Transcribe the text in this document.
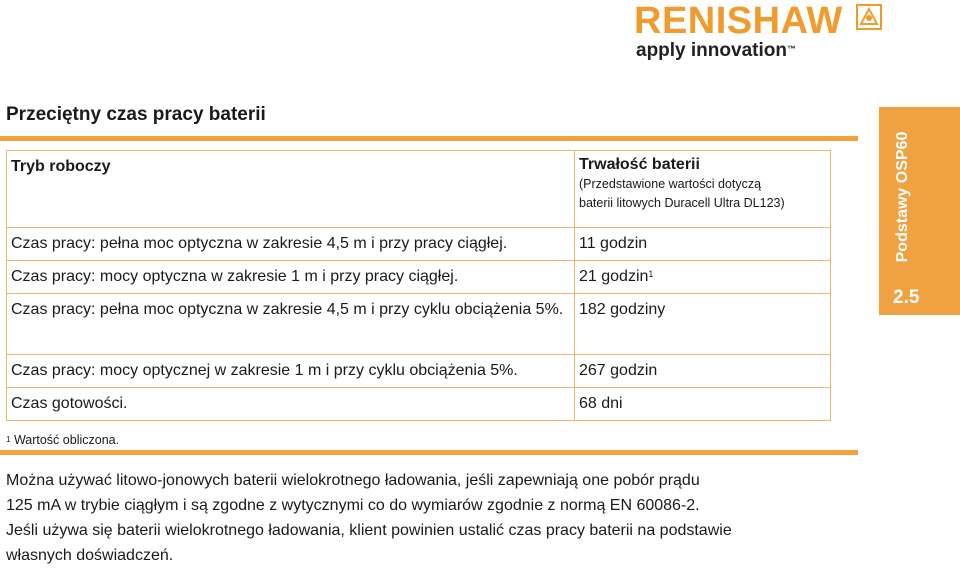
RENISHAW
apply innovation™
Przeciętny czas pracy baterii
Tryb roboczy	Trwałość baterii
(Przedstawione wartości dotyczą
baterii litowych Duracell Ultra DL123)

Czas pracy: pełna moc optyczna w zakresie 4,5 m i przy pracy ciągłej.	11 godzin
Czas pracy: mocy optyczna w zakresie 1 m i przy pracy ciągłej.	21 godzin$^1$
Czas pracy: pełna moc optyczna w zakresie 4,5 m i przy cyklu obciążenia 5%.	182 godziny
Czas pracy: mocy optycznej w zakresie 1 m i przy cyklu obciążenia 5%.	267 godzin
Czas gotowości.	68 dni
$^1$ Wartość obliczona.

Można używać litowo-jonowych baterii wielokrotnego ładowania, jeśli zapewniają one pobór prądu

125 mA w trybie ciągłym i są zgodne z wytycznymi co do wymiarów zgodnie z normą EN 60086-2.

Jeśli używa się baterii wielokrotnego ładowania, klient powinien ustalić czas pracy baterii na podstawie

własnych doświadczeń.

Podstawy OSP60
2.5
